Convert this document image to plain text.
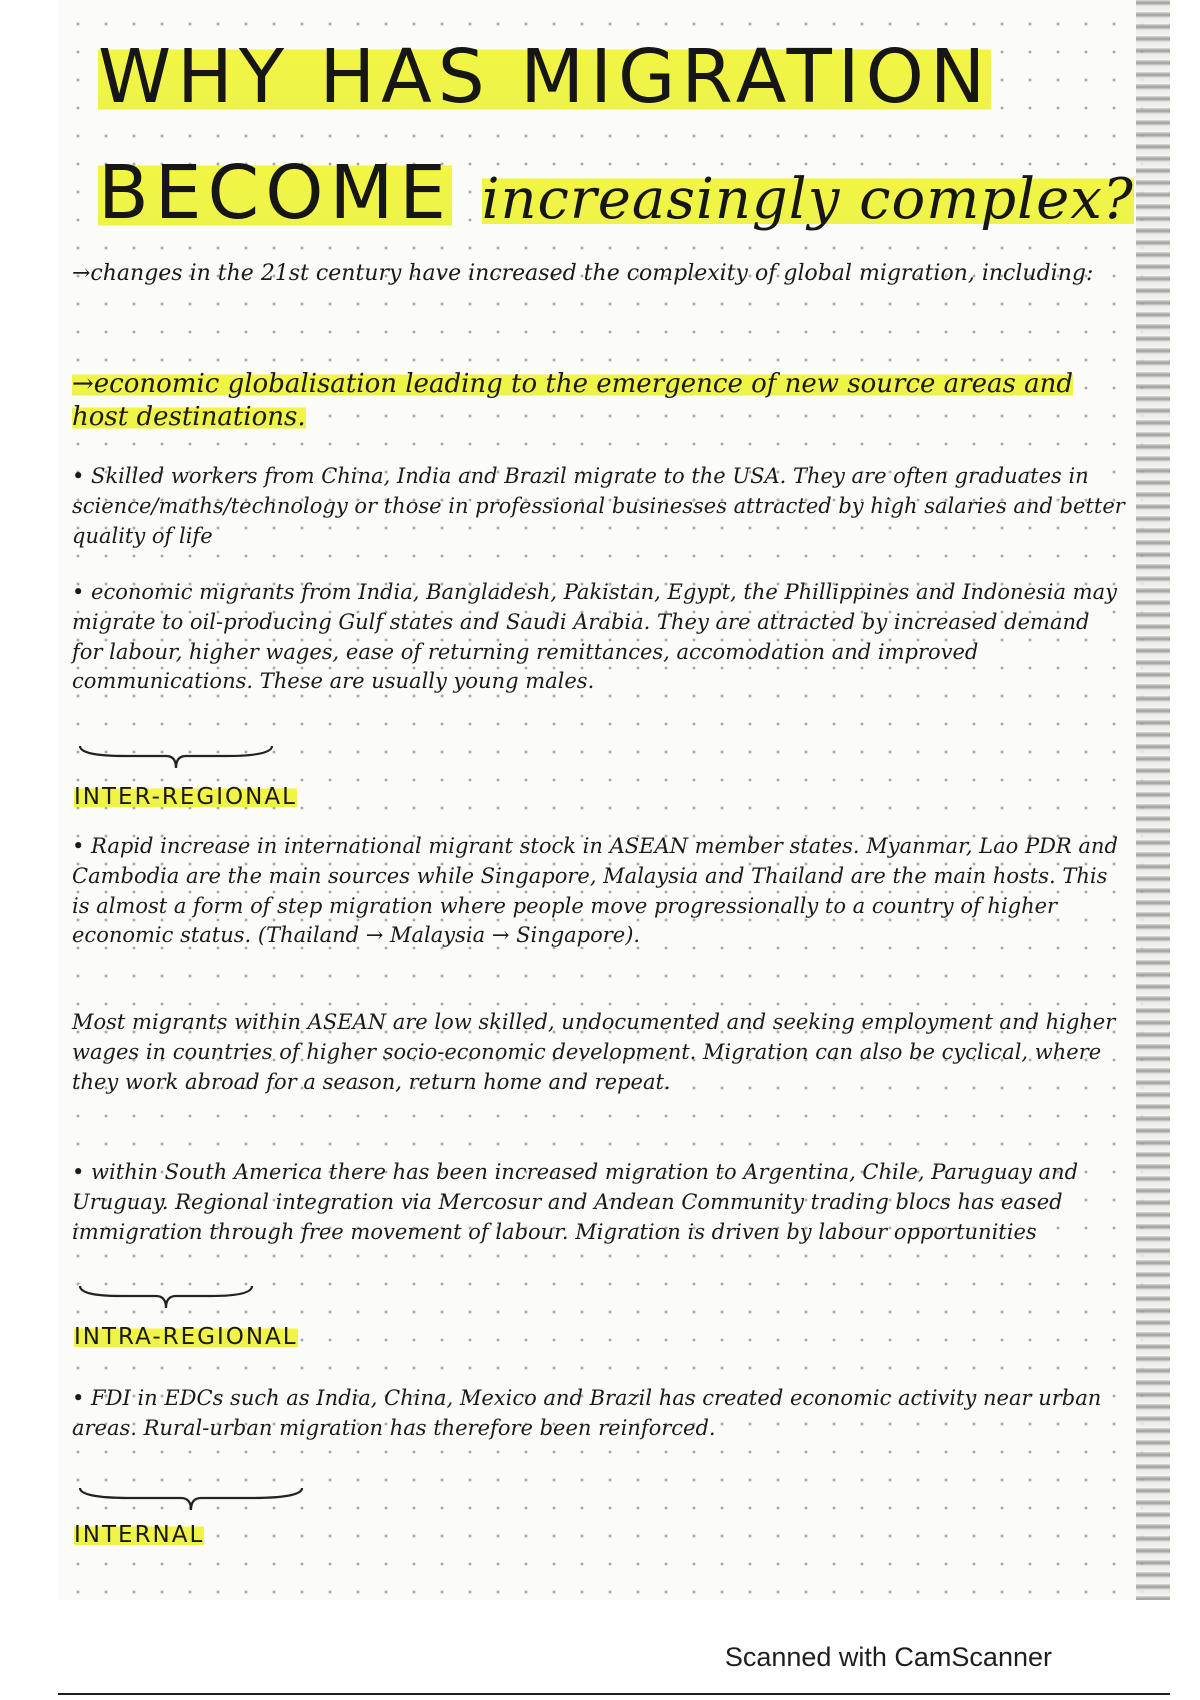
WHY HAS MIGRATION
BECOME increasingly complex?

→changes in the 21st century have increased the complexity of global migration, including:

→economic globalisation leading to the emergence of new source areas and host destinations.

• Skilled workers from China, India and Brazil migrate to the USA. They are often graduates in science/maths/technology or those in professional businesses attracted by high salaries and better quality of life

• economic migrants from India, Bangladesh, Pakistan, Egypt, the Phillippines and Indonesia may migrate to oil-producing Gulf states and Saudi Arabia. They are attracted by increased demand for labour, higher wages, ease of returning remittances, accomodation and improved communications. These are usually young males.

INTER-REGIONAL

• Rapid increase in international migrant stock in ASEAN member states. Myanmar, Lao PDR and Cambodia are the main sources while Singapore, Malaysia and Thailand are the main hosts. This is almost a form of step migration where people move progressionally to a country of higher economic status. (Thailand → Malaysia → Singapore).

Most migrants within ASEAN are low skilled, undocumented and seeking employment and higher wages in countries of higher socio-economic development. Migration can also be cyclical, where they work abroad for a season, return home and repeat.

• within South America there has been increased migration to Argentina, Chile, Paruguay and Uruguay. Regional integration via Mercosur and Andean Community trading blocs has eased immigration through free movement of labour. Migration is driven by labour opportunities

INTRA-REGIONAL

• FDI in EDCs such as India, China, Mexico and Brazil has created economic activity near urban areas. Rural-urban migration has therefore been reinforced.

INTERNAL

Scanned with CamScanner
